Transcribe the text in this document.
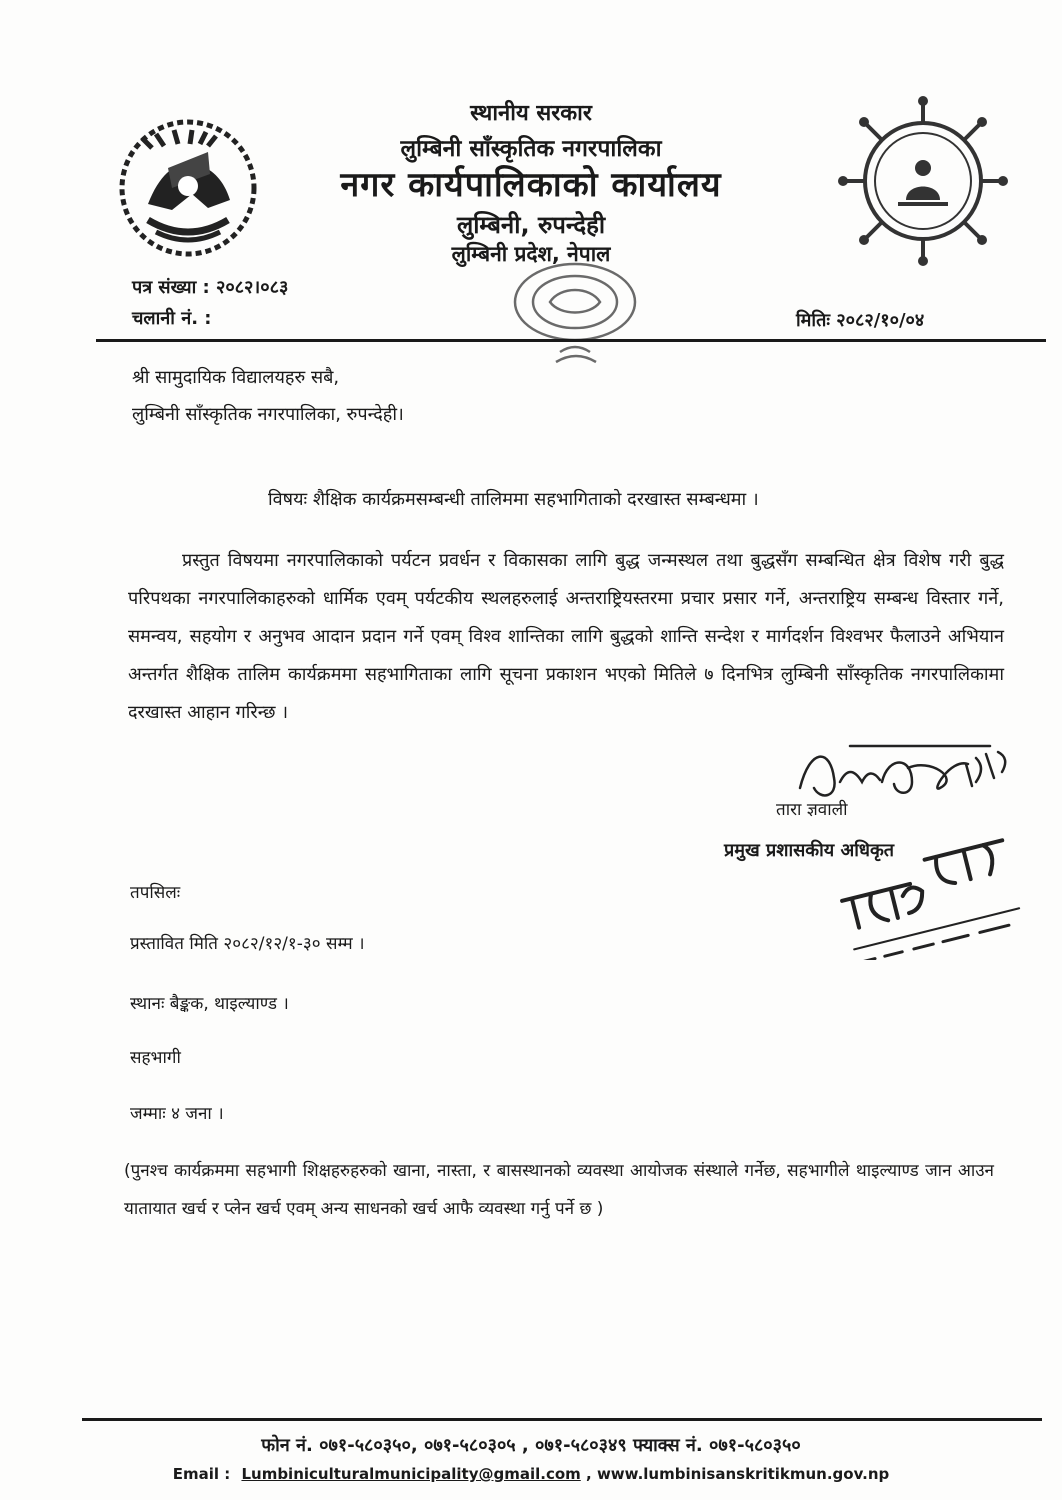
स्थानीय सरकार
लुम्बिनी साँस्कृतिक नगरपालिका
नगर कार्यपालिकाको कार्यालय
लुम्बिनी, रुपन्देही
लुम्बिनी प्रदेश, नेपाल
पत्र संख्या : २०८२।०८३
चलानी नं. :	मितिः २०८२/१०/०४
श्री सामुदायिक विद्यालयहरु सबै,
लुम्बिनी साँस्कृतिक नगरपालिका, रुपन्देही।
विषयः शैक्षिक कार्यक्रमसम्बन्धी तालिममा सहभागिताको दरखास्त सम्बन्धमा ।

प्रस्तुत विषयमा नगरपालिकाको पर्यटन प्रवर्धन र विकासका लागि बुद्ध जन्मस्थल तथा बुद्धसँग सम्बन्धित क्षेत्र विशेष गरी बुद्ध परिपथका नगरपालिकाहरुको धार्मिक एवम् पर्यटकीय स्थलहरुलाई अन्तराष्ट्रियस्तरमा प्रचार प्रसार गर्ने, अन्तराष्ट्रिय सम्बन्ध विस्तार गर्ने, समन्वय, सहयोग र अनुभव आदान प्रदान गर्ने एवम् विश्व शान्तिका लागि बुद्धको शान्ति सन्देश र मार्गदर्शन विश्वभर फैलाउने अभियान अन्तर्गत शैक्षिक तालिम कार्यक्रममा सहभागिताका लागि सूचना प्रकाशन भएको मितिले ७ दिनभित्र लुम्बिनी साँस्कृतिक नगरपालिकामा दरखास्त आहान गरिन्छ ।

तारा ज्ञवाली
प्रमुख प्रशासकीय अधिकृत
तपसिलः
प्रस्तावित मिति २०८२/१२/१-३० सम्म ।
स्थानः बैङ्कक, थाइल्याण्ड ।
सहभागी
जम्माः ४ जना ।

(पुनश्च कार्यक्रममा सहभागी शिक्षहरुहरुको खाना, नास्ता, र बासस्थानको व्यवस्था आयोजक संस्थाले गर्नेछ, सहभागीले थाइल्याण्ड जान आउन यातायात खर्च र प्लेन खर्च एवम् अन्य साधनको खर्च आफै व्यवस्था गर्नु पर्ने छ )

फोन नं. ०७१-५८०३५०, ०७१-५८०३०५ , ०७१-५८०३४९ फ्याक्स नं. ०७१-५८०३५०
Email : Lumbiniculturalmunicipality@gmail.com , www.lumbinisanskritikmun.gov.np
